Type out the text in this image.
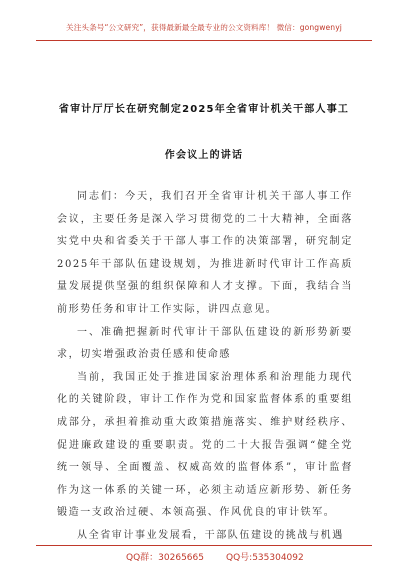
关注头条号“公文研究”，获得最新最全最专业的公文资料库！ 微信：gongwenyj
省审计厅厅长在研究制定2025年全省审计机关干部人事工
作会议上的讲话

同志们：今天，我们召开全省审计机关干部人事工作会议，主要任务是深入学习贯彻党的二十大精神，全面落实党中央和省委关于干部人事工作的决策部署，研究制定2025年干部队伍建设规划，为推进新时代审计工作高质量发展提供坚强的组织保障和人才支撑。下面，我结合当前形势任务和审计工作实际，讲四点意见。

一、准确把握新时代审计干部队伍建设的新形势新要求，切实增强政治责任感和使命感

当前，我国正处于推进国家治理体系和治理能力现代化的关键阶段，审计工作作为党和国家监督体系的重要组成部分，承担着推动重大政策措施落实、维护财经秩序、促进廉政建设的重要职责。党的二十大报告强调“健全党统一领导、全面覆盖、权威高效的监督体系”，审计监督作为这一体系的关键一环，必须主动适应新形势、新任务锻造一支政治过硬、本领高强、作风优良的审计铁军。

从全省审计事业发展看，干部队伍建设的挑战与机遇

QQ群：30265665 QQ号:535304092
